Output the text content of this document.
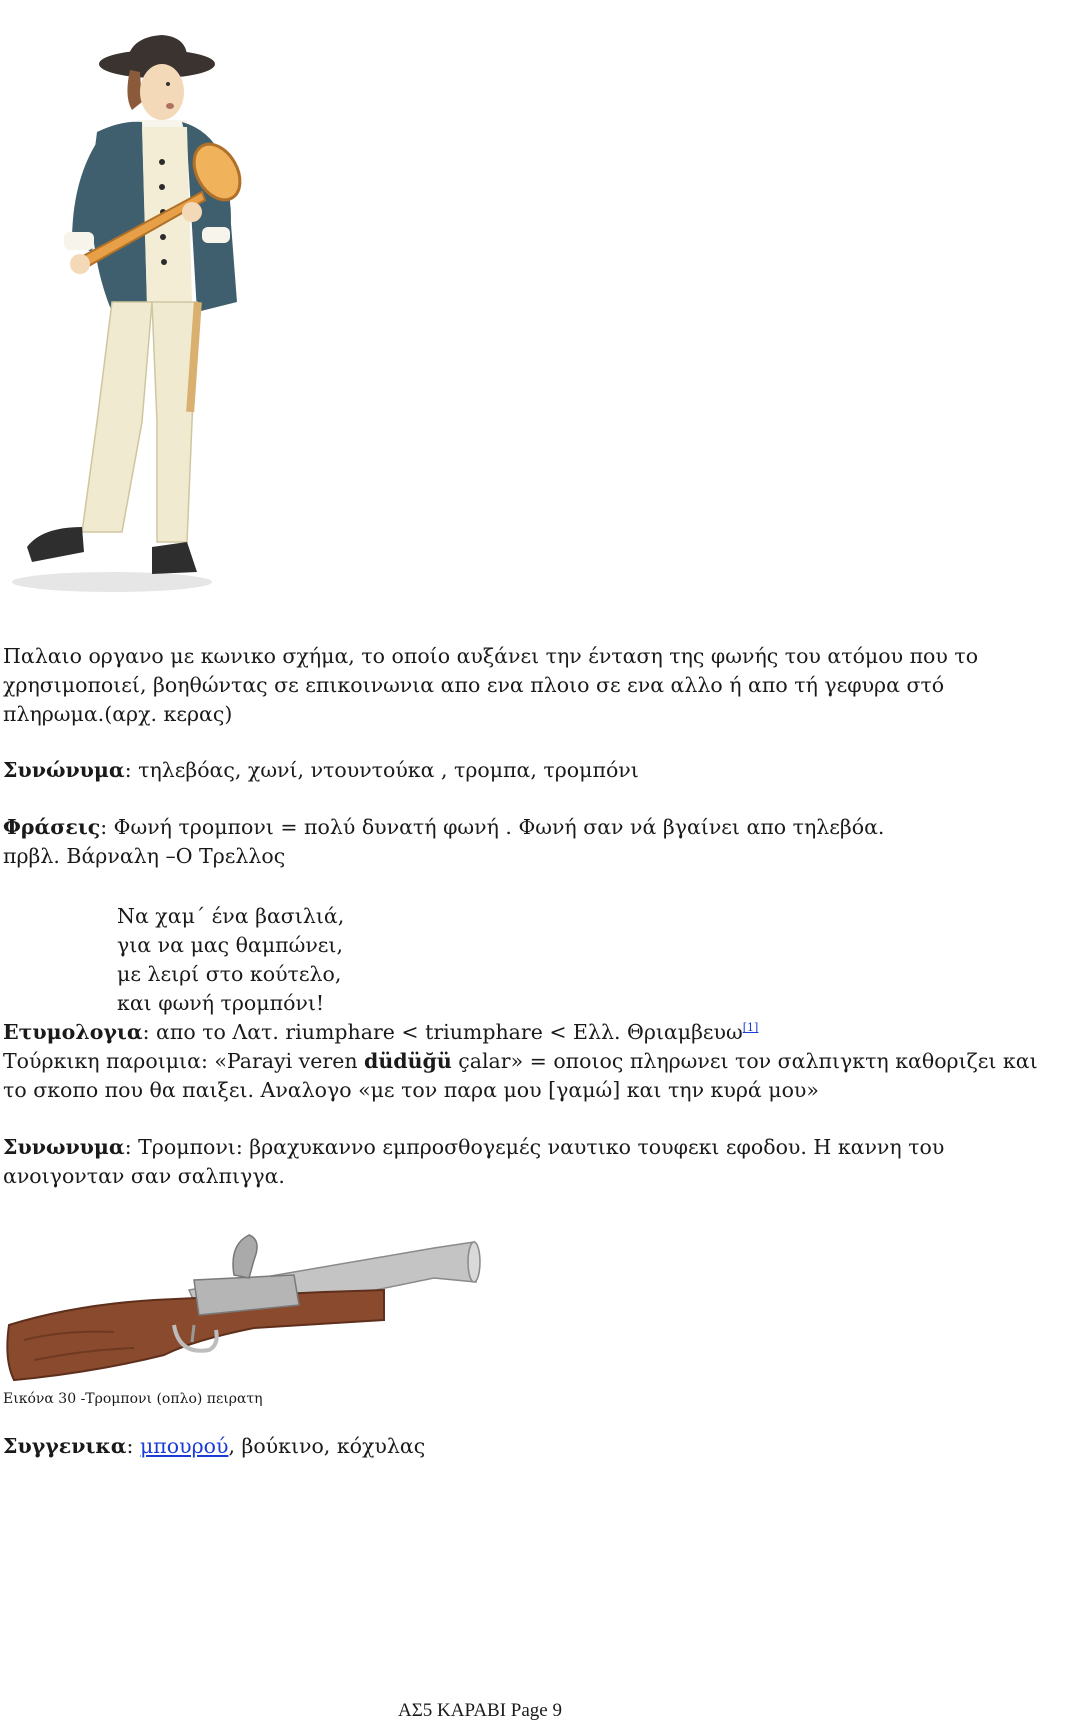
Παλαιο οργανο με κωνικο σχήμα, το οποίο αυξάνει την ένταση της φωνής του ατόμου που το
χρησιμοποιεί, βοηθώντας σε επικοινωνια απο ενα πλοιο σε ενα αλλο ή απο τή γεφυρα στό
πληρωμα.(αρχ. κερας)
Συνώνυμα: τηλεβόας, χωνί, ντουντούκα , τρομπα, τρομπόνι
Φράσεις: Φωνή τρομπονι = πολύ δυνατή φωνή . Φωνή σαν νά βγαίνει απο τηλεβόα.
πρβλ. Βάρναλη –Ο Τρελλος
Να χαμ΄ ένα βασιλιά,
για να μας θαμπώνει,
με λειρί στο κούτελο,
και φωνή τρομπόνι!
Ετυμολογια: απο το Λατ. riumphare < triumphare < Ελλ. Θριαμβευω[1]
Τούρκικη παροιμια: «Parayi veren düdüğü çalar» = οποιος πληρωνει τον σαλπιγκτη καθοριζει και
το σκοπο που θα παιξει. Αναλογο «με τον παρα μου [γαμώ] και την κυρά μου»
Συνωνυμα: Τρομπονι: βραχυκαννο εμπροσθογεμές ναυτικο τουφεκι εφοδου. Η καννη του
ανοιγονταν σαν σαλπιγγα.
Εικόνα 30 -Τρομπονι (οπλο) πειρατη
Συγγενικα: μπουρού, βούκινο, κόχυλας
ΑΣ5 ΚΑΡΑΒΙ Page 9
